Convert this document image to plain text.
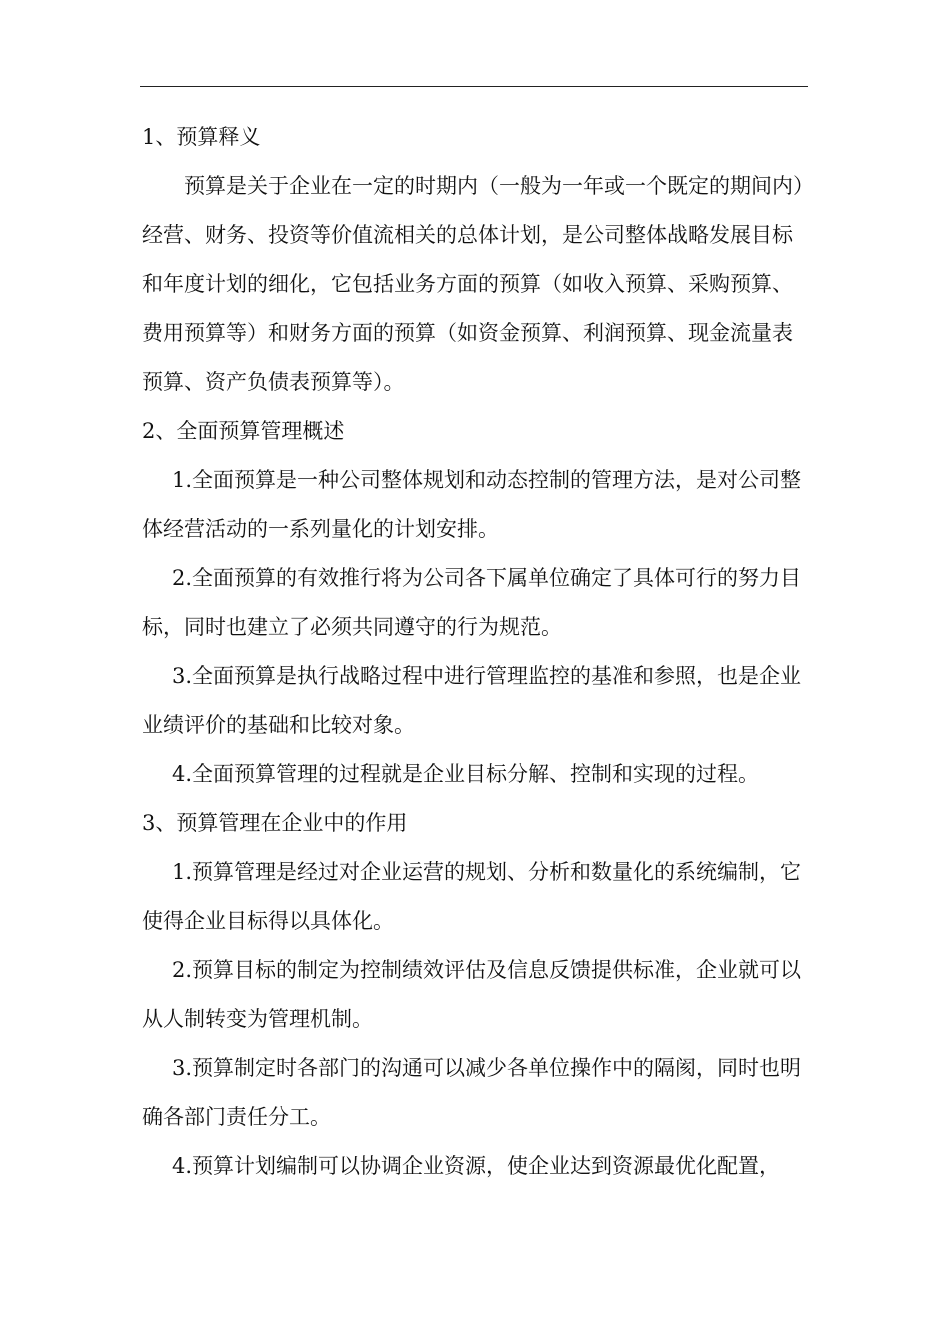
1、预算释义

预算是关于企业在一定的时期内（一般为一年或一个既定的期间内）经营、财务、投资等价值流相关的总体计划，是公司整体战略发展目标和年度计划的细化，它包括业务方面的预算（如收入预算、采购预算、费用预算等）和财务方面的预算（如资金预算、利润预算、现金流量表预算、资产负债表预算等）。

2、全面预算管理概述

1.全面预算是一种公司整体规划和动态控制的管理方法，是对公司整体经营活动的一系列量化的计划安排。

2.全面预算的有效推行将为公司各下属单位确定了具体可行的努力目标，同时也建立了必须共同遵守的行为规范。

3.全面预算是执行战略过程中进行管理监控的基准和参照，也是企业业绩评价的基础和比较对象。

4.全面预算管理的过程就是企业目标分解、控制和实现的过程。

3、预算管理在企业中的作用

1.预算管理是经过对企业运营的规划、分析和数量化的系统编制，它使得企业目标得以具体化。

2.预算目标的制定为控制绩效评估及信息反馈提供标准，企业就可以从人制转变为管理机制。

3.预算制定时各部门的沟通可以减少各单位操作中的隔阂，同时也明确各部门责任分工。

4.预算计划编制可以协调企业资源，使企业达到资源最优化配置，
